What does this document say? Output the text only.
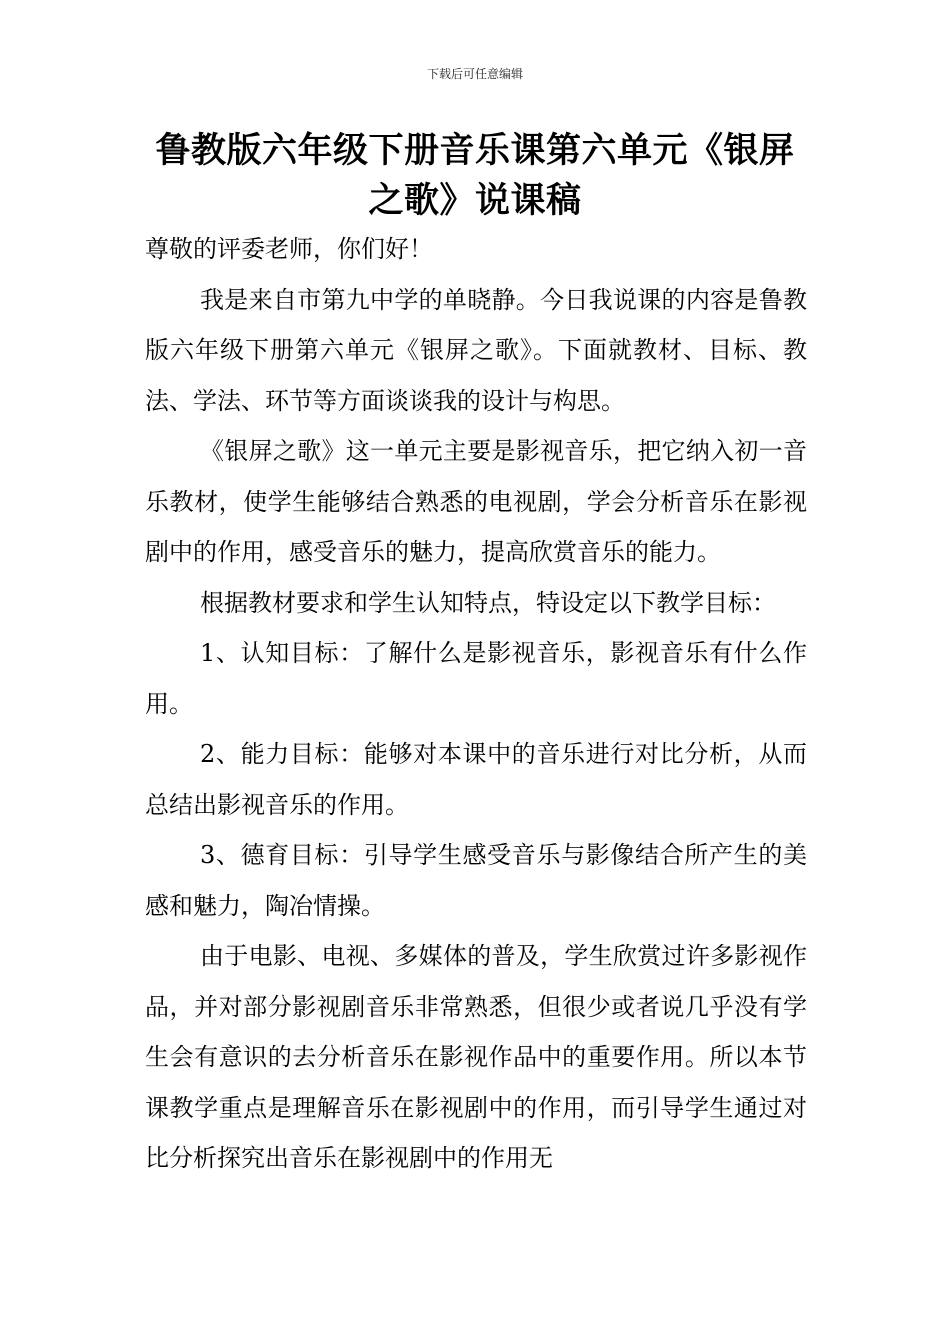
下载后可任意编辑
鲁教版六年级下册音乐课第六单元《银屏之歌》说课稿

尊敬的评委老师，你们好！

我是来自市第九中学的单晓静。今日我说课的内容是鲁教版六年级下册第六单元《银屏之歌》。下面就教材、目标、教法、学法、环节等方面谈谈我的设计与构思。

《银屏之歌》这一单元主要是影视音乐，把它纳入初一音乐教材，使学生能够结合熟悉的电视剧，学会分析音乐在影视剧中的作用，感受音乐的魅力，提高欣赏音乐的能力。

根据教材要求和学生认知特点，特设定以下教学目标：

1、认知目标：了解什么是影视音乐，影视音乐有什么作用。

2、能力目标：能够对本课中的音乐进行对比分析，从而总结出影视音乐的作用。

3、德育目标：引导学生感受音乐与影像结合所产生的美感和魅力，陶冶情操。

由于电影、电视、多媒体的普及，学生欣赏过许多影视作品，并对部分影视剧音乐非常熟悉，但很少或者说几乎没有学生会有意识的去分析音乐在影视作品中的重要作用。所以本节课教学重点是理解音乐在影视剧中的作用，而引导学生通过对比分析探究出音乐在影视剧中的作用无
